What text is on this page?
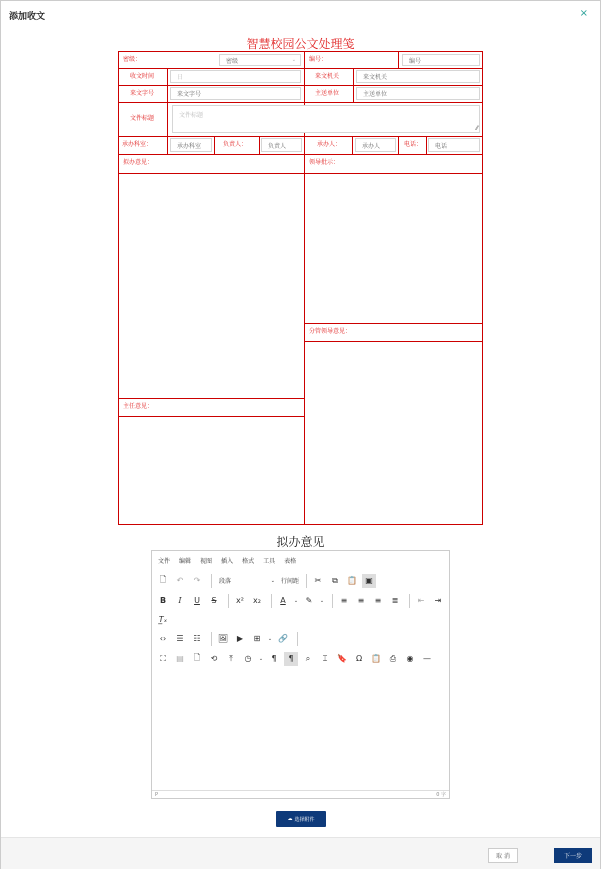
添加收文	×
智慧校园公文处理笺
密级：	密级	⌄ 编号：	编号
收文时间	日	来文机关	来文机关
来文字号	来文字号	主送单位	主送单位
文件标题	文件标题
⁄⁄
承办科室：	承办科室	负责人：	负责人	承办人：	承办人	电话： 电话
拟办意见：	领导批示：
分管领导意见：
主任意见：
拟办意见
文件 编辑 视图 插入 格式 工具 表格
🗋	↶	↷	段落	⌄	行间距	✂	⧉	📋	▣
B	I	U	S	x²	x₂	A	⌄ ✎	⌄	≡	≡	≡	≣	⇤	⇥
T̲ₓ
‹›	☰	☷	🖼	▶	⊞	⌄ 🔗
⛶	▤	🗋	⟲	⤒	◷	⌄	¶	¶	⌕	⌶	🔖	Ω	📋	⎙	◉	—
P	0 字
☁ 选择附件
取 消	下一步
